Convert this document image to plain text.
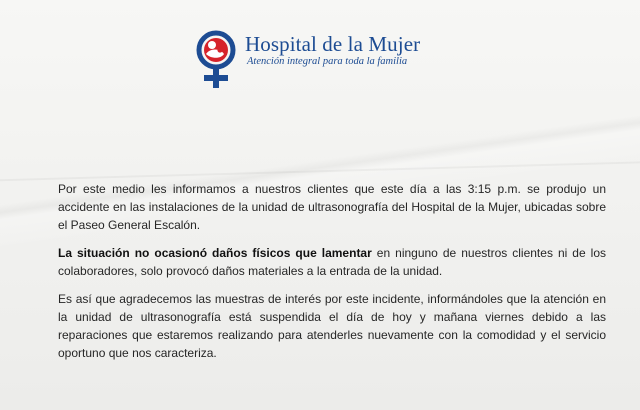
Hospital de la Mujer
Atención integral para toda la familia

Por este medio les informamos a nuestros clientes que este día a las 3:15 p.m. se produjo un accidente en las instalaciones de la unidad de ultrasonografía del Hospital de la Mujer, ubicadas sobre el Paseo General Escalón.

La situación no ocasionó daños físicos que lamentar en ninguno de nuestros clientes ni de los colaboradores, solo provocó daños materiales a la entrada de la unidad.

Es así que agradecemos las muestras de interés por este incidente, informándoles que la atención en la unidad de ultrasonografía está suspendida el día de hoy y mañana viernes debido a las reparaciones que estaremos realizando para atenderles nuevamente con la comodidad y el servicio oportuno que nos caracteriza.
